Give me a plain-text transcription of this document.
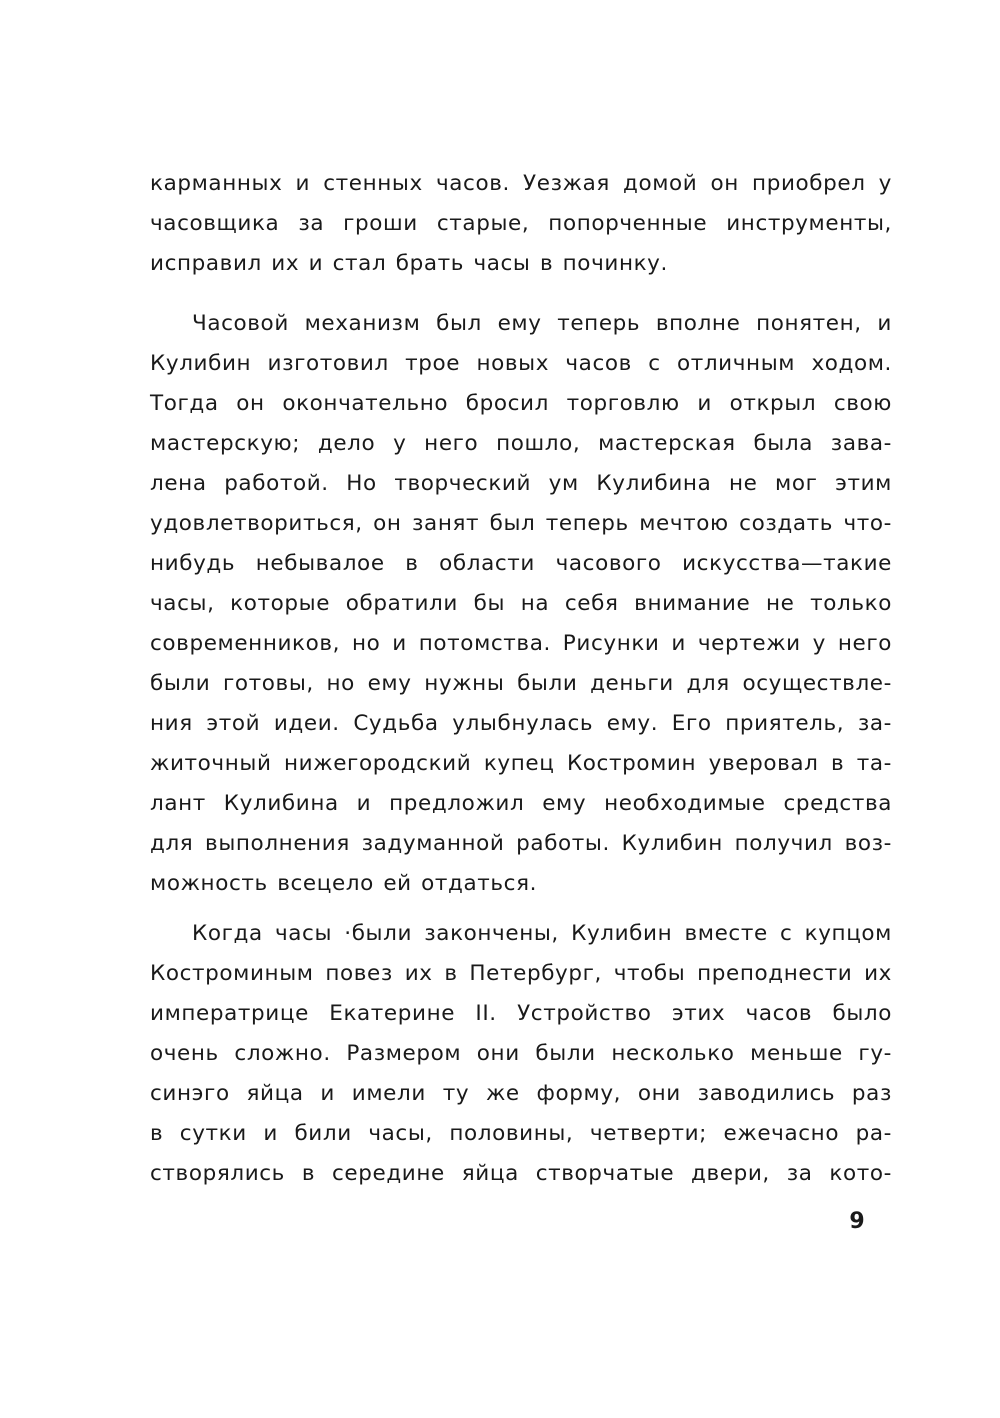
карманных и стенных часов. Уезжая домой он приобрел у
часовщика за гроши старые, попорченные инструменты,
исправил их и стал брать часы в починку.
Часовой механизм был ему теперь вполне понятен, и
Кулибин изготовил трое новых часов с отличным ходом.
Тогда он окончательно бросил торговлю и открыл свою
мастерскую; дело у него пошло, мастерская была зава-
лена работой. Но творческий ум Кулибина не мог этим
удовлетвориться, он занят был теперь мечтою создать что-
нибудь небывалое в области часового искусства—такие
часы, которые обратили бы на себя внимание не только
современников, но и потомства. Рисунки и чертежи у него
были готовы, но ему нужны были деньги для осуществле-
ния этой идеи. Судьба улыбнулась ему. Его приятель, за-
житочный нижегородский купец Костромин уверовал в та-
лант Кулибина и предложил ему необходимые средства
для выполнения задуманной работы. Кулибин получил воз-
можность всецело ей отдаться.
Когда часы ·были закончены, Кулибин вместе с купцом
Костроминым повез их в Петербург, чтобы преподнести их
императрице Екатерине II. Устройство этих часов было
очень сложно. Размером они были несколько меньше гу-
синэго яйца и имели ту же форму, они заводились раз
в сутки и били часы, половины, четверти; ежечасно ра-
створялись в середине яйца створчатые двери, за кото-
9
